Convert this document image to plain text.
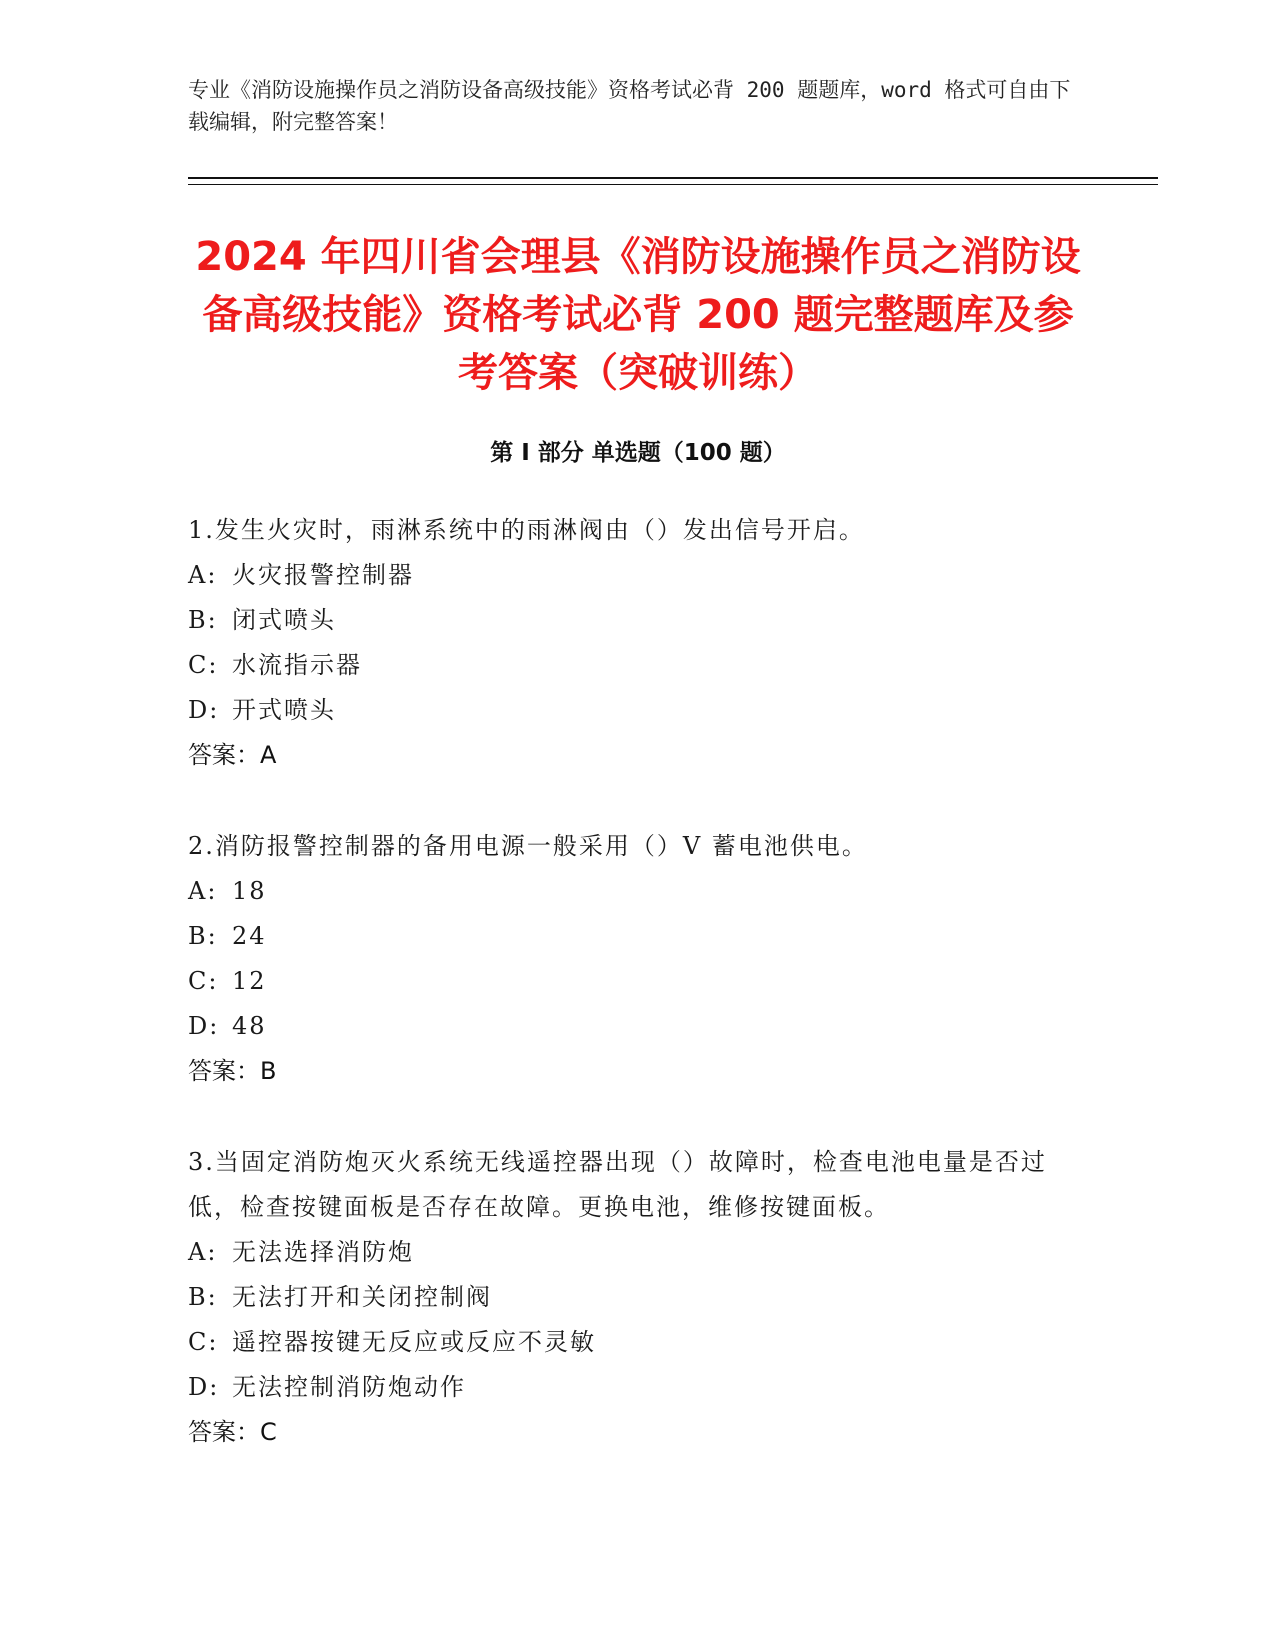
专业《消防设施操作员之消防设备高级技能》资格考试必背 200 题题库，word 格式可自由下载编辑，附完整答案！

2024 年四川省会理县《消防设施操作员之消防设备高级技能》资格考试必背 200 题完整题库及参考答案（突破训练）
第 I 部分 单选题（100 题）

1.发生火灾时，雨淋系统中的雨淋阀由（）发出信号开启。

A: 火灾报警控制器

B: 闭式喷头

C: 水流指示器

D: 开式喷头

答案：A

2.消防报警控制器的备用电源一般采用（）V 蓄电池供电。

A: 18

B: 24

C: 12

D: 48

答案：B

3.当固定消防炮灭火系统无线遥控器出现（）故障时，检查电池电量是否过低，检查按键面板是否存在故障。更换电池，维修按键面板。

A: 无法选择消防炮

B: 无法打开和关闭控制阀

C: 遥控器按键无反应或反应不灵敏

D: 无法控制消防炮动作

答案：C
